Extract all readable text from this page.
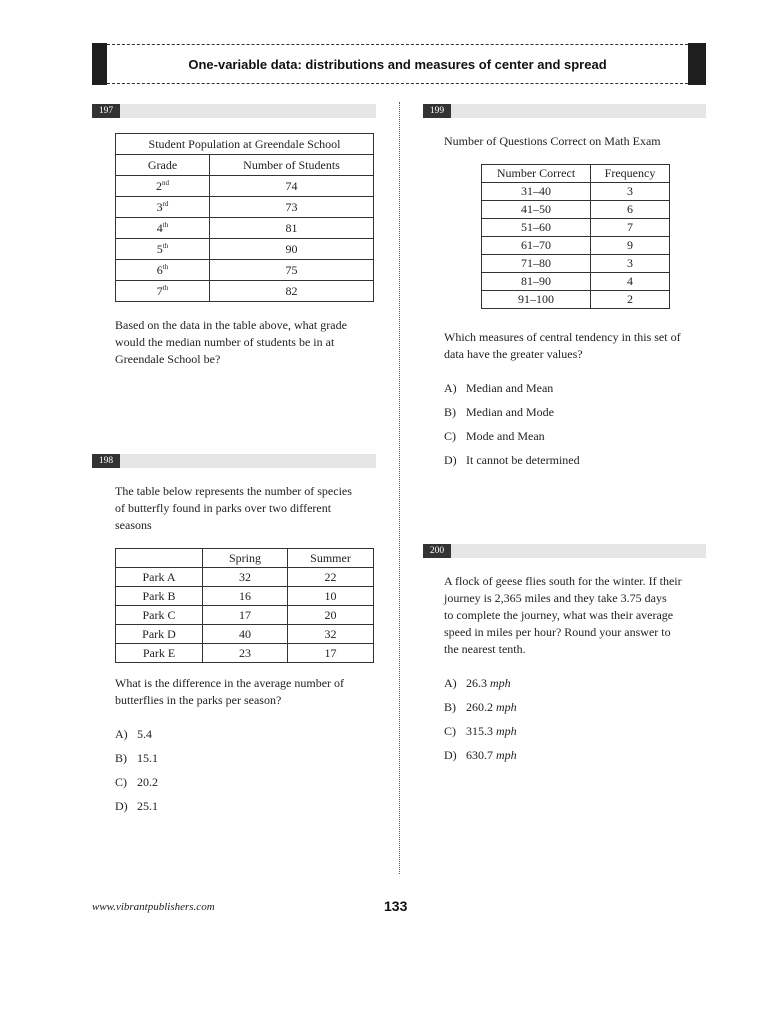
One-variable data: distributions and measures of center and spread
197
Student Population at Greendale School	
Grade	Number of Students
2nd	74
3rd	73
4th	81
5th	90
6th	75
7th	82
Based on the data in the table above, what grade
would the median number of students be in at
Greendale School be?
198
The table below represents the number of species
of butterfly found in parks over two different
seasons
	Spring	Summer
Park A	32	22
Park B	16	10
Park C	17	20
Park D	40	32
Park E	23	17
What is the difference in the average number of
butterflies in the parks per season?
A) 5.4
B) 15.1
C) 20.2
D) 25.1
199
Number of Questions Correct on Math Exam
Number Correct	Frequency
31–40	3
41–50	6
51–60	7
61–70	9
71–80	3
81–90	4
91–100	2
Which measures of central tendency in this set of
data have the greater values?
A) Median and Mean
B) Median and Mode
C) Mode and Mean
D) It cannot be determined
200
A flock of geese flies south for the winter. If their
journey is 2,365 miles and they take 3.75 days
to complete the journey, what was their average
speed in miles per hour? Round your answer to
the nearest tenth.
A) 26.3 mph
B) 260.2 mph
C) 315.3 mph
D) 630.7 mph
www.vibrantpublishers.com	133
